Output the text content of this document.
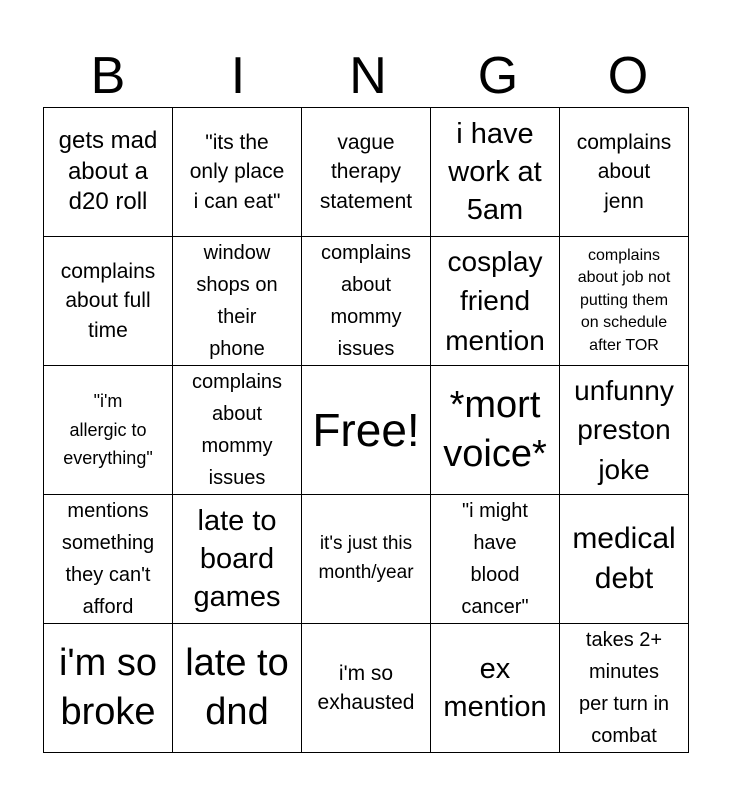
B	I	N	G	O
gets mad
about a
d20 roll	"its the
only place
i can eat"	vague
therapy
statement	i have
work at
5am	complains
about
jenn

complains
about full
time	window
shops on
their
phone	complains
about
mommy
issues	cosplay
friend
mention	complains
about job not
putting them
on schedule
after TOR

"i'm
allergic to
everything"	complains
about
mommy
issues	Free!	*mort
voice*	unfunny
preston
joke

mentions
something
they can't
afford	late to
board
games	it's just this
month/year	"i might
have
blood
cancer"	medical
debt

i'm so
broke	late to
dnd	i'm so
exhausted	ex
mention	takes 2+
minutes
per turn in
combat
